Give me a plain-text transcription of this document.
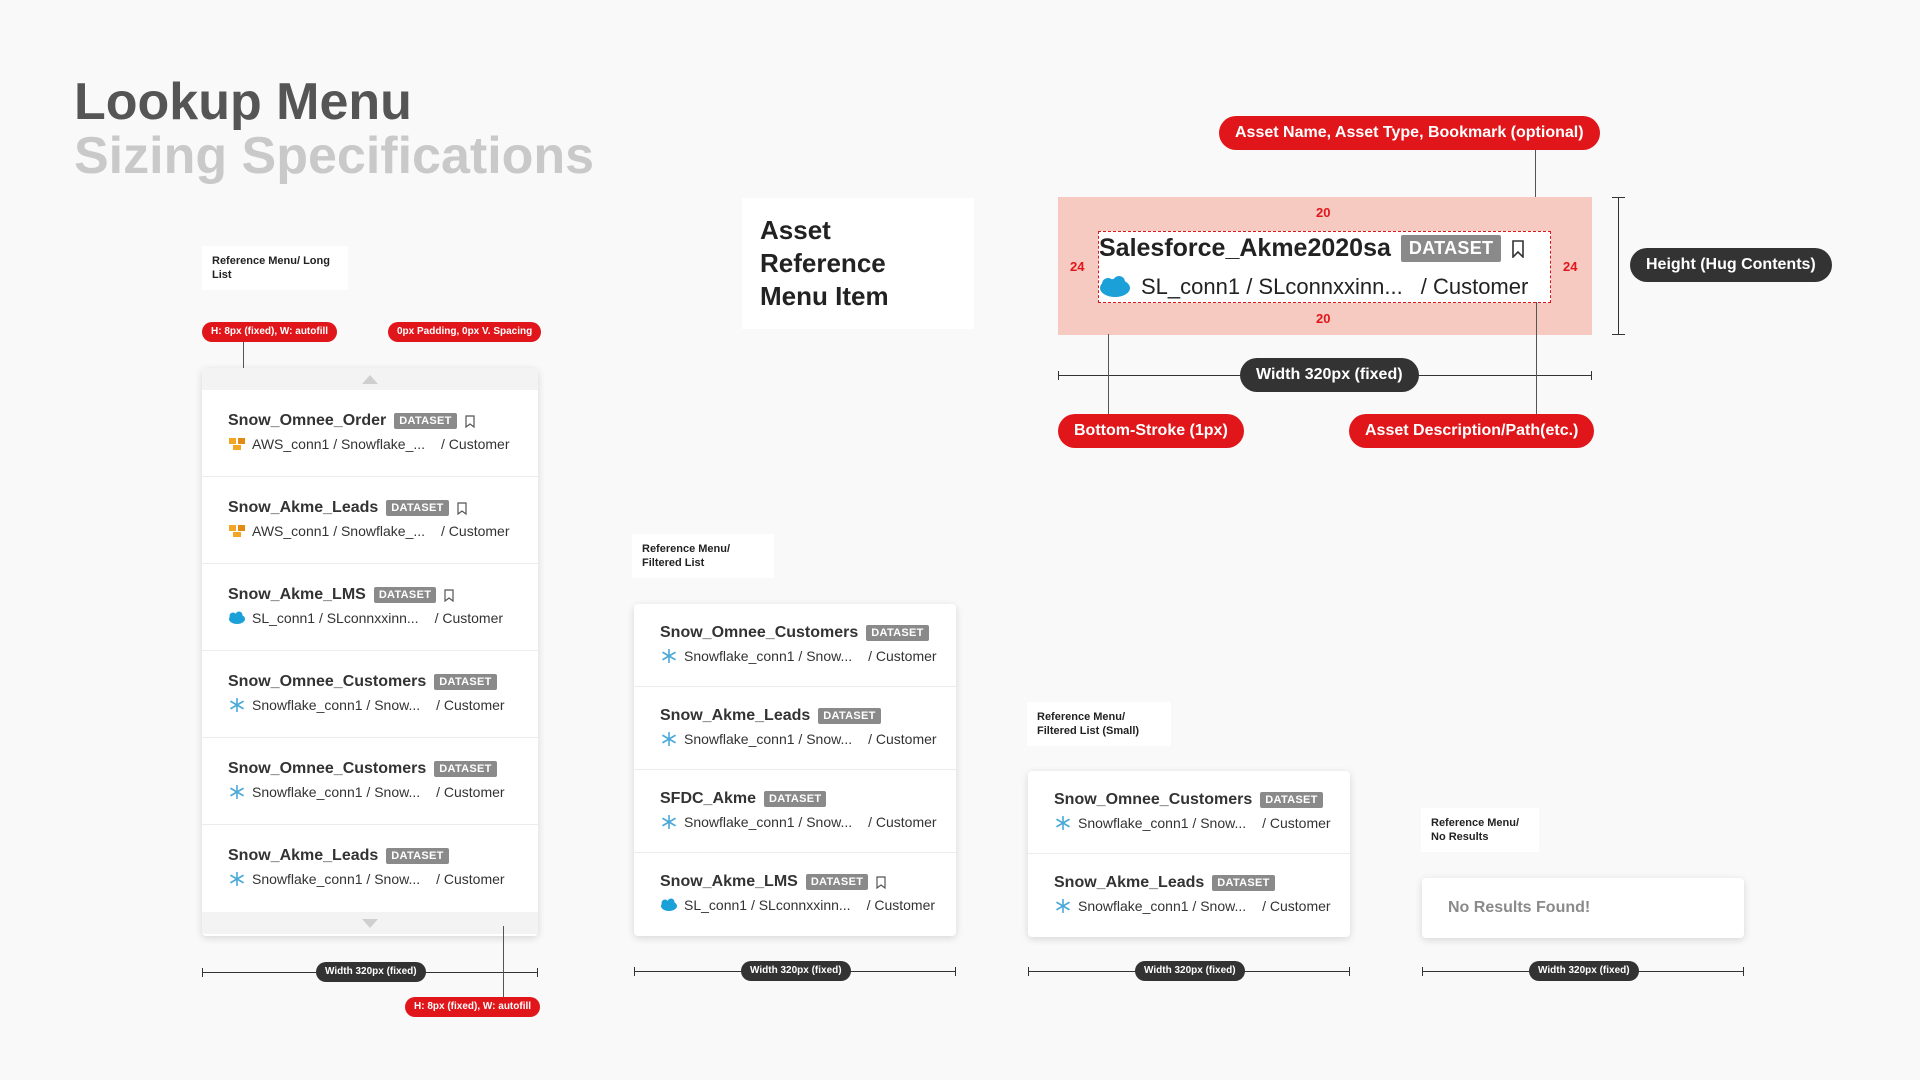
Lookup Menu
Sizing Specifications
Reference Menu/ Long List
H: 8px (fixed), W: autofill	0px Padding, 0px V. Spacing
Snow_Omnee_Order	DATASET
AWS_conn1 / Snowflake_... / Customer
Snow_Akme_Leads	DATASET
AWS_conn1 / Snowflake_... / Customer
Snow_Akme_LMS	DATASET
SL_conn1 / SLconnxxinn... / Customer
Snow_Omnee_Customers	DATASET
Snowflake_conn1 / Snow... / Customer
Snow_Omnee_Customers	DATASET
Snowflake_conn1 / Snow... / Customer
Snow_Akme_Leads	DATASET
Snowflake_conn1 / Snow... / Customer
Width 320px (fixed)
H: 8px (fixed), W: autofill
Reference Menu/ Filtered List
Snow_Omnee_Customers	DATASET
Snowflake_conn1 / Snow... / Customer
Snow_Akme_Leads	DATASET
Snowflake_conn1 / Snow... / Customer
SFDC_Akme	DATASET
Snowflake_conn1 / Snow... / Customer
Snow_Akme_LMS	DATASET
SL_conn1 / SLconnxxinn... / Customer
Width 320px (fixed)
Reference Menu/ Filtered List (Small)
Snow_Omnee_Customers	DATASET
Snowflake_conn1 / Snow... / Customer
Snow_Akme_Leads	DATASET
Snowflake_conn1 / Snow... / Customer
Width 320px (fixed)
Reference Menu/ No Results
No Results Found!
Width 320px (fixed)
Asset Reference Menu Item
Asset Name, Asset Type, Bookmark (optional)
20
20
24	24
Salesforce_Akme2020sa	DATASET
SL_conn1 / SLconnxxinn... / Customer
Height (Hug Contents)
Width 320px (fixed)
Bottom-Stroke (1px)	Asset Description/Path(etc.)
